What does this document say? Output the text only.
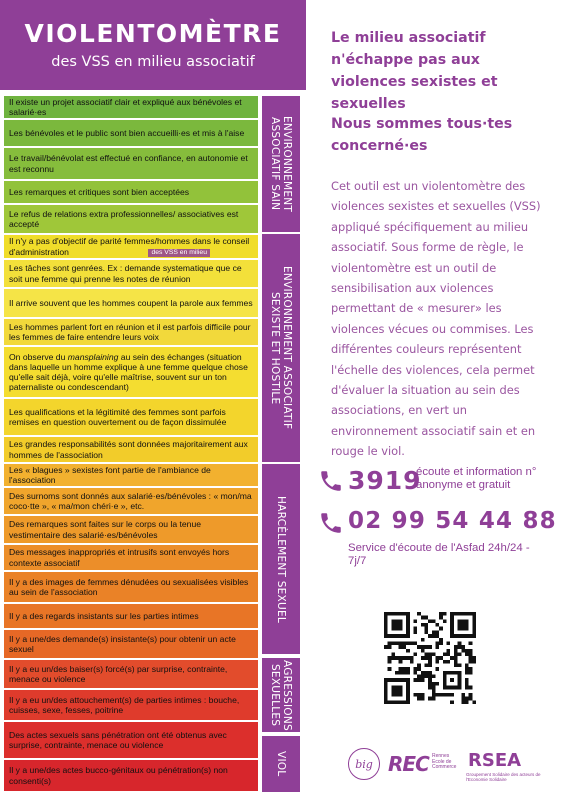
VIOLENTOMÈTRE
des VSS en milieu associatif
Il existe un projet associatif clair et expliqué aux bénévoles et salarié·es
Les bénévoles et le public sont bien accueilli·es et mis à l'aise
Le travail/bénévolat est effectué en confiance, en autonomie et est reconnu
Les remarques et critiques sont bien acceptées
Le refus de relations extra professionnelles/ associatives est accepté
Il n'y a pas d'objectif de parité femmes/hommes dans le conseil d'administration	des VSS en milieu
Les tâches sont genrées. Ex : demande systematique que ce soit une femme qui prenne les notes de réunion
Il arrive souvent que les hommes coupent la parole aux femmes
Les hommes parlent fort en réunion et il est parfois difficile pour les femmes de faire entendre leurs voix
On observe du mansplaining au sein des échanges (situation dans laquelle un homme explique à une femme quelque chose qu'elle sait déjà, voire qu'elle maîtrise, souvent sur un ton paternaliste ou condescendant)
Les qualifications et la légitimité des femmes sont parfois remises en question ouvertement ou de façon dissimulée
Les grandes responsabilités sont données majoritairement aux hommes de l'association
Les « blagues » sexistes font partie de l'ambiance de l'association
Des surnoms sont donnés aux salarié·es/bénévoles : « mon/ma coco·tte », « ma/mon chéri·e », etc.
Des remarques sont faites sur le corps ou la tenue vestimentaire des salarié·es/bénévoles
Des messages inappropriés et intrusifs sont envoyés hors contexte associatif
Il y a des images de femmes dénudées ou sexualisées visibles au sein de l'association
Il y a des regards insistants sur les parties intimes
Il y a une/des demande(s) insistante(s) pour obtenir un acte sexuel
Il y a eu un/des baiser(s) forcé(s) par surprise, contrainte, menace ou violence
Il y a eu un/des attouchement(s) de parties intimes : bouche, cuisses, sexe, fesses, poitrine
Des actes sexuels sans pénétration ont été obtenus avec surprise, contrainte, menace ou violence
Il y a une/des actes bucco-génitaux ou pénétration(s) non consenti(s)
ENVIRONNEMENT
ASSOCIATIF SAIN
ENVIRONNEMENT ASSOCIATIF
SEXISTE ET HOSTILE
HARCÈLEMENT SEXUEL
AGRESSIONS
SEXUELLES
VIOL
Le milieu associatif n'échappe pas aux violences sexistes et sexuelles
Nous sommes tous·tes concerné·es
Cet outil est un violentomètre des violences sexistes et sexuelles (VSS) appliqué spécifiquement au milieu associatif. Sous forme de règle, le violentomètre est un outil de sensibilisation aux violences permettant de « mesurer» les violences vécues ou commises. Les différentes couleurs représentent l'échelle des violences, cela permet d'évaluer la situation au sein des associations, en vert un environnement associatif sain et en rouge le viol.
3919
écoute et information n° anonyme et gratuit
02 99 54 44 88
Service d'écoute de l'Asfad 24h/24 - 7j/7
big REC Rennes Ecole de Commerce RSEA
Groupement Solidaire des acteurs de l'Economie Solidaire
